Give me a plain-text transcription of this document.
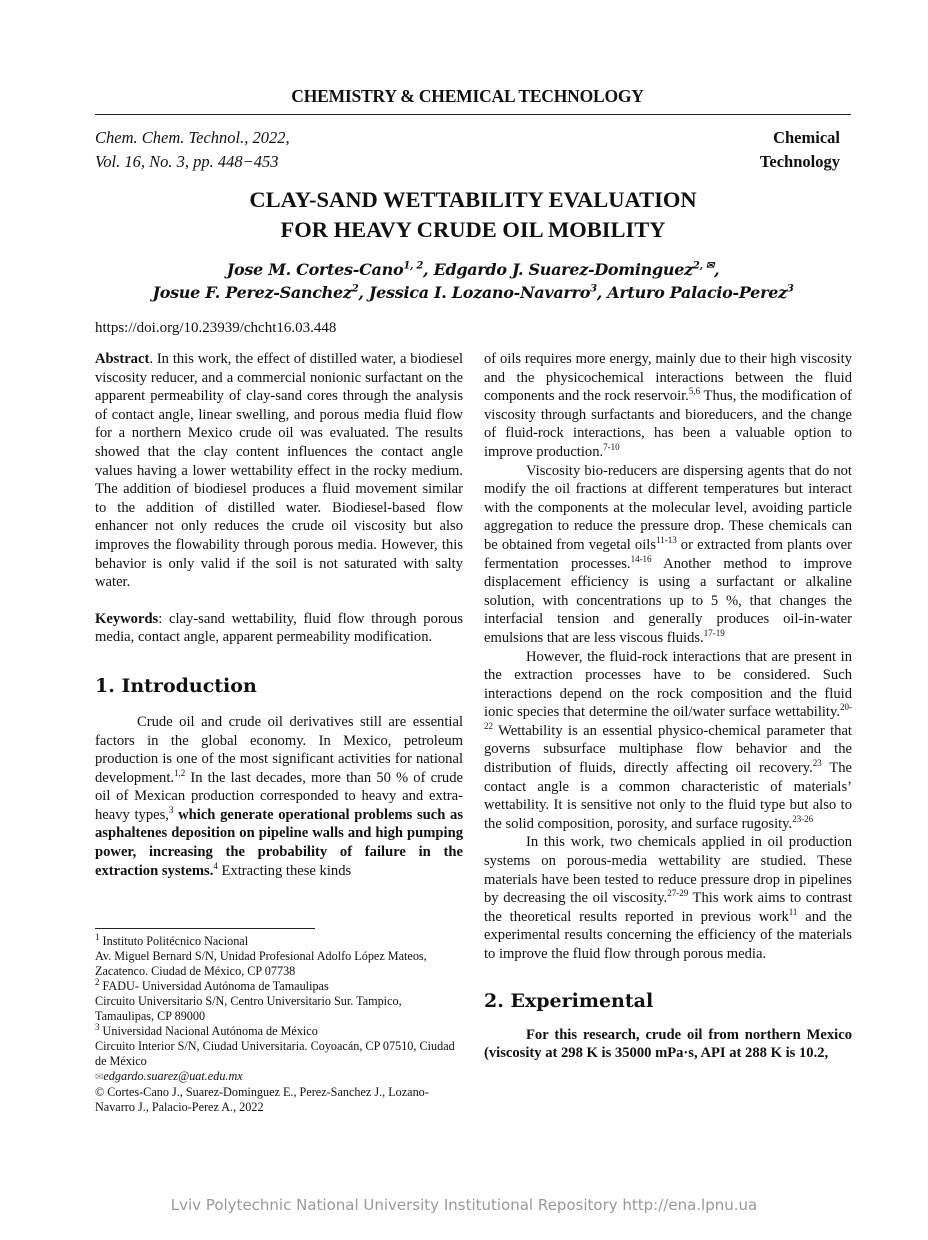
CHEMISTRY & CHEMICAL TECHNOLOGY
Chem. Chem. Technol., 2022,
Vol. 16, No. 3, pp. 448−453
Chemical
Technology
CLAY-SAND WETTABILITY EVALUATION
FOR HEAVY CRUDE OIL MOBILITY
Jose M. Cortes-Cano$^{1, 2}$, Edgardo J. Suarez-Dominguez$^{2, ✉}$,
Josue F. Perez-Sanchez$^2$, Jessica I. Lozano-Navarro$^3$, Arturo Palacio-Perez$^3$
https://doi.org/10.23939/chcht16.03.448

Abstract. In this work, the effect of distilled water, a biodiesel viscosity reducer, and a commercial nonionic surfactant on the apparent permeability of clay-sand cores through the analysis of contact angle, linear swelling, and porous media fluid flow for a northern Mexico crude oil was evaluated. The results showed that the clay content influences the contact angle values having a lower wettability effect in the rocky medium. The addition of biodiesel produces a fluid movement similar to the addition of distilled water. Biodiesel-based flow enhancer not only reduces the crude oil viscosity but also improves the flowability through porous media. However, this behavior is only valid if the soil is not saturated with salty water.

Keywords: clay-sand wettability, fluid flow through porous media, contact angle, apparent permeability modification.

1. Introduction

Crude oil and crude oil derivatives still are essential factors in the global economy. In Mexico, petroleum production is one of the most significant activities for national development.$^{1,2}$ In the last decades, more than 50 % of crude oil of Mexican production corresponded to heavy and extra-heavy types,$^3$ which generate operational problems such as asphaltenes deposition on pipeline walls and high pumping power, increasing the probability of failure in the extraction systems.$^4$ Extracting these kinds

of oils requires more energy, mainly due to their high viscosity and the physicochemical interactions between the fluid components and the rock reservoir.$^{5,6}$ Thus, the modification of viscosity through surfactants and bioreducers, and the change of fluid-rock interactions, has been a valuable option to improve production.$^{7-10}$

Viscosity bio-reducers are dispersing agents that do not modify the oil fractions at different temperatures but interact with the components at the molecular level, avoiding particle aggregation to reduce the pressure drop. These chemicals can be obtained from vegetal oils$^{11-13}$ or extracted from plants over fermentation processes.$^{14-16}$ Another method to improve displacement efficiency is using a surfactant or alkaline solution, with concentrations up to 5 %, that changes the interfacial tension and generally produces oil-in-water emulsions that are less viscous fluids.$^{17-19}$

However, the fluid-rock interactions that are present in the extraction processes have to be considered. Such interactions depend on the rock composition and the fluid ionic species that determine the oil/water surface wettability.$^{20-22}$ Wettability is an essential physico-chemical parameter that governs subsurface multiphase flow behavior and the distribution of fluids, directly affecting oil recovery.$^{23}$ The contact angle is a common characteristic of materials’ wettability. It is sensitive not only to the fluid type but also to the solid composition, porosity, and surface rugosity.$^{23-26}$

In this work, two chemicals applied in oil production systems on porous-media wettability are studied. These materials have been tested to reduce pressure drop in pipelines by decreasing the oil viscosity.$^{27-29}$ This work aims to contrast the theoretical results reported in previous work$^{11}$ and the experimental results concerning the efficiency of the materials to improve the fluid flow through porous media.

2. Experimental

For this research, crude oil from northern Mexico (viscosity at 298 K is 35000 mPa·s, API at 288 K is 10.2,

$^1$ Instituto Politécnico Nacional

Av. Miguel Bernard S/N, Unidad Profesional Adolfo López Mateos, Zacatenco. Ciudad de México, CP 07738

$^2$ FADU- Universidad Autónoma de Tamaulipas

Circuito Universitario S/N, Centro Universitario Sur. Tampico, Tamaulipas, CP 89000

$^3$ Universidad Nacional Autónoma de México

Circuito Interior S/N, Ciudad Universitaria. Coyoacán, CP 07510, Ciudad de México

✉edgardo.suarez@uat.edu.mx

© Cortes-Cano J., Suarez-Dominguez E., Perez-Sanchez J., Lozano-Navarro J., Palacio-Perez A., 2022

Lviv Polytechnic National University Institutional Repository http://ena.lpnu.ua
